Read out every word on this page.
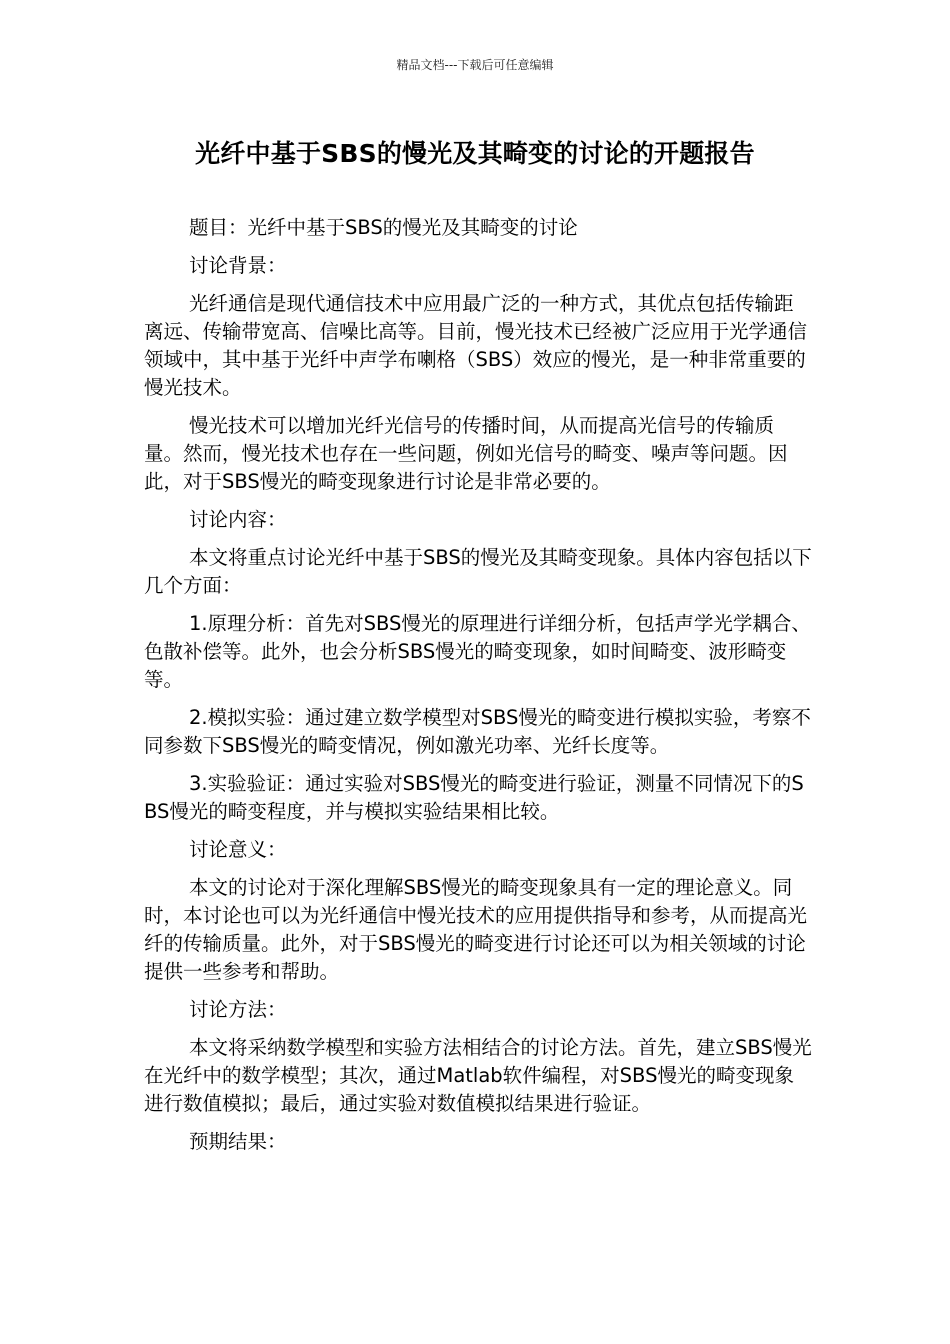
精品文档---下载后可任意编辑
光纤中基于SBS的慢光及其畸变的讨论的开题报告

题目：光纤中基于SBS的慢光及其畸变的讨论

讨论背景：

光纤通信是现代通信技术中应用最广泛的一种方式，其优点包括传输距离远、传输带宽高、信噪比高等。目前，慢光技术已经被广泛应用于光学通信领域中，其中基于光纤中声学布喇格（SBS）效应的慢光，是一种非常重要的慢光技术。

慢光技术可以增加光纤光信号的传播时间，从而提高光信号的传输质量。然而，慢光技术也存在一些问题，例如光信号的畸变、噪声等问题。因此，对于SBS慢光的畸变现象进行讨论是非常必要的。

讨论内容：

本文将重点讨论光纤中基于SBS的慢光及其畸变现象。具体内容包括以下几个方面：

1.原理分析：首先对SBS慢光的原理进行详细分析，包括声学光学耦合、色散补偿等。此外，也会分析SBS慢光的畸变现象，如时间畸变、波形畸变等。

2.模拟实验：通过建立数学模型对SBS慢光的畸变进行模拟实验，考察不同参数下SBS慢光的畸变情况，例如激光功率、光纤长度等。

3.实验验证：通过实验对SBS慢光的畸变进行验证，测量不同情况下的SBS慢光的畸变程度，并与模拟实验结果相比较。

讨论意义：

本文的讨论对于深化理解SBS慢光的畸变现象具有一定的理论意义。同时，本讨论也可以为光纤通信中慢光技术的应用提供指导和参考，从而提高光纤的传输质量。此外，对于SBS慢光的畸变进行讨论还可以为相关领域的讨论提供一些参考和帮助。

讨论方法：

本文将采纳数学模型和实验方法相结合的讨论方法。首先，建立SBS慢光在光纤中的数学模型；其次，通过Matlab软件编程，对SBS慢光的畸变现象进行数值模拟；最后，通过实验对数值模拟结果进行验证。

预期结果：
